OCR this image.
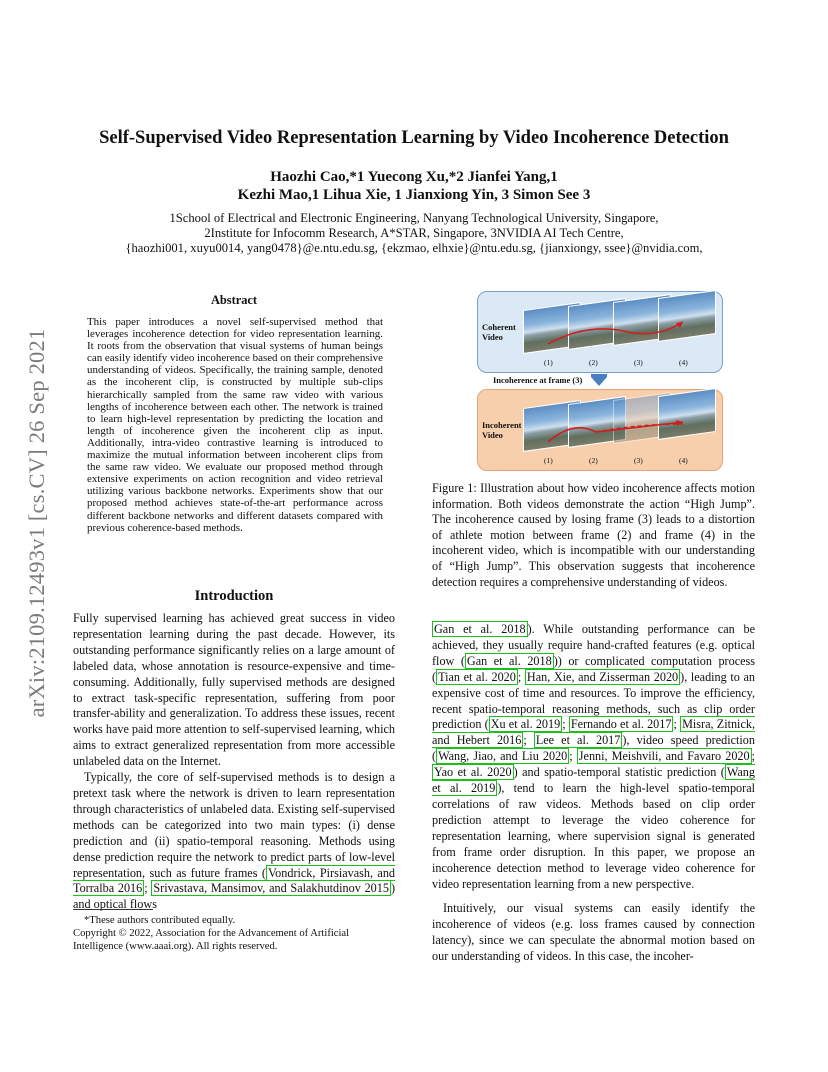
arXiv:2109.12493v1 [cs.CV] 26 Sep 2021
Self-Supervised Video Representation Learning by Video Incoherence Detection
Haozhi Cao,*1 Yuecong Xu,*2 Jianfei Yang,1
Kezhi Mao,1 Lihua Xie, 1 Jianxiong Yin, 3 Simon See 3
1School of Electrical and Electronic Engineering, Nanyang Technological University, Singapore,
2Institute for Infocomm Research, A*STAR, Singapore, 3NVIDIA AI Tech Centre,
{haozhi001, xuyu0014, yang0478}@e.ntu.edu.sg, {ekzmao, elhxie}@ntu.edu.sg, {jianxiongy, ssee}@nvidia.com,
Abstract
This paper introduces a novel self-supervised method that leverages incoherence detection for video representation learning. It roots from the observation that visual systems of human beings can easily identify video incoherence based on their comprehensive understanding of videos. Specifically, the training sample, denoted as the incoherent clip, is constructed by multiple sub-clips hierarchically sampled from the same raw video with various lengths of incoherence between each other. The network is trained to learn high-level representation by predicting the location and length of incoherence given the incoherent clip as input. Additionally, intra-video contrastive learning is introduced to maximize the mutual information between incoherent clips from the same raw video. We evaluate our proposed method through extensive experiments on action recognition and video retrieval utilizing various backbone networks. Experiments show that our proposed method achieves state-of-the-art performance across different backbone networks and different datasets compared with previous coherence-based methods.
Introduction

Fully supervised learning has achieved great success in video representation learning during the past decade. However, its outstanding performance significantly relies on a large amount of labeled data, whose annotation is resource-expensive and time-consuming. Additionally, fully supervised methods are designed to extract task-specific representation, suffering from poor transfer-ability and generalization. To address these issues, recent works have paid more attention to self-supervised learning, which aims to extract generalized representation from more accessible unlabeled data on the Internet.

Typically, the core of self-supervised methods is to design a pretext task where the network is driven to learn representation through characteristics of unlabeled data. Existing self-supervised methods can be categorized into two main types: (i) dense prediction and (ii) spatio-temporal reasoning. Methods using dense prediction require the network to predict parts of low-level representation, such as future frames ( Vondrick, Pirsiavash, and Torralba 2016 ; Srivastava, Mansimov, and Salakhutdinov 2015 ) and optical flows

*These authors contributed equally.
Copyright © 2022, Association for the Advancement of Artificial Intelligence (www.aaai.org). All rights reserved.
Coherent
Video
(1)	(2)	(3)	(4)
Incoherence at frame (3)
Incoherent
Video
(1)	(2)	(3)	(4)
Figure 1: Illustration about how video incoherence affects motion information. Both videos demonstrate the action “High Jump”. The incoherence caused by losing frame (3) leads to a distortion of athlete motion between frame (2) and frame (4) in the incoherent video, which is incompatible with our understanding of “High Jump”. This observation suggests that incoherence detection requires a comprehensive understanding of videos.

Gan et al. 2018 ). While outstanding performance can be achieved, they usually require hand-crafted features (e.g. optical flow ( Gan et al. 2018 )) or complicated computation process ( Tian et al. 2020 ; Han, Xie, and Zisserman 2020 ), leading to an expensive cost of time and resources. To improve the efficiency, recent spatio-temporal reasoning methods, such as clip order prediction ( Xu et al. 2019 ; Fernando et al. 2017 ; Misra, Zitnick, and Hebert 2016 ; Lee et al. 2017 ), video speed prediction ( Wang, Jiao, and Liu 2020 ; Jenni, Meishvili, and Favaro 2020 ; Yao et al. 2020 ) and spatio-temporal statistic prediction ( Wang et al. 2019 ), tend to learn the high-level spatio-temporal correlations of raw videos. Methods based on clip order prediction attempt to leverage the video coherence for representation learning, where supervision signal is generated from frame order disruption. In this paper, we propose an incoherence detection method to leverage video coherence for video representation learning from a new perspective.

Intuitively, our visual systems can easily identify the incoherence of videos (e.g. loss frames caused by connection latency), since we can speculate the abnormal motion based on our understanding of videos. In this case, the incoher-
